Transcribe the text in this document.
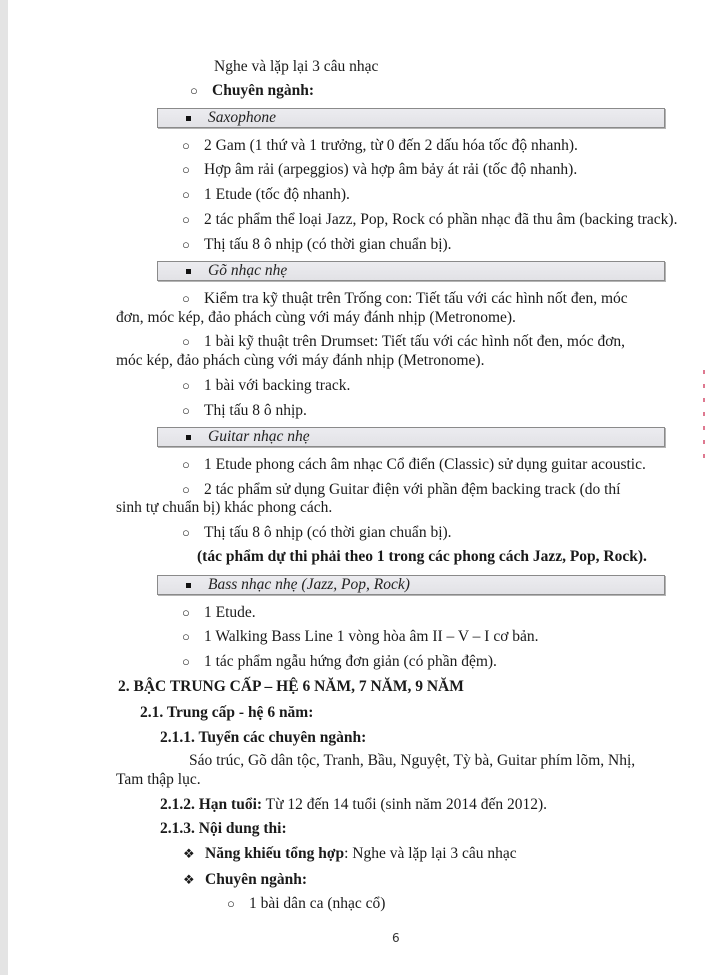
Nghe và lặp lại 3 câu nhạc
○ Chuyên ngành:
Saxophone
○ 2 Gam (1 thứ và 1 trưởng, từ 0 đến 2 dấu hóa tốc độ nhanh).
○ Hợp âm rải (arpeggios) và hợp âm bảy át rải (tốc độ nhanh).
○ 1 Etude (tốc độ nhanh).
○ 2 tác phẩm thể loại Jazz, Pop, Rock có phần nhạc đã thu âm (backing track).
○ Thị tấu 8 ô nhịp (có thời gian chuẩn bị).
Gõ nhạc nhẹ
○ Kiểm tra kỹ thuật trên Trống con: Tiết tấu với các hình nốt đen, móc
đơn, móc kép, đảo phách cùng với máy đánh nhịp (Metronome).
○ 1 bài kỹ thuật trên Drumset: Tiết tấu với các hình nốt đen, móc đơn,
móc kép, đảo phách cùng với máy đánh nhịp (Metronome).
○ 1 bài với backing track.
○ Thị tấu 8 ô nhịp.
Guitar nhạc nhẹ
○ 1 Etude phong cách âm nhạc Cổ điển (Classic) sử dụng guitar acoustic.
○ 2 tác phẩm sử dụng Guitar điện với phần đệm backing track (do thí
sinh tự chuẩn bị) khác phong cách.
○ Thị tấu 8 ô nhịp (có thời gian chuẩn bị).
(tác phẩm dự thi phải theo 1 trong các phong cách Jazz, Pop, Rock).
Bass nhạc nhẹ (Jazz, Pop, Rock)
○ 1 Etude.
○ 1 Walking Bass Line 1 vòng hòa âm II – V – I cơ bản.
○ 1 tác phẩm ngẫu hứng đơn giản (có phần đệm).
2. BẬC TRUNG CẤP – HỆ 6 NĂM, 7 NĂM, 9 NĂM
2.1. Trung cấp - hệ 6 năm:
2.1.1. Tuyển các chuyên ngành:
Sáo trúc, Gõ dân tộc, Tranh, Bầu, Nguyệt, Tỳ bà, Guitar phím lõm, Nhị,
Tam thập lục.
2.1.2. Hạn tuổi: Từ 12 đến 14 tuổi (sinh năm 2014 đến 2012).
2.1.3. Nội dung thi:
❖ Năng khiếu tổng hợp: Nghe và lặp lại 3 câu nhạc
❖ Chuyên ngành:
○ 1 bài dân ca (nhạc cổ)
6
